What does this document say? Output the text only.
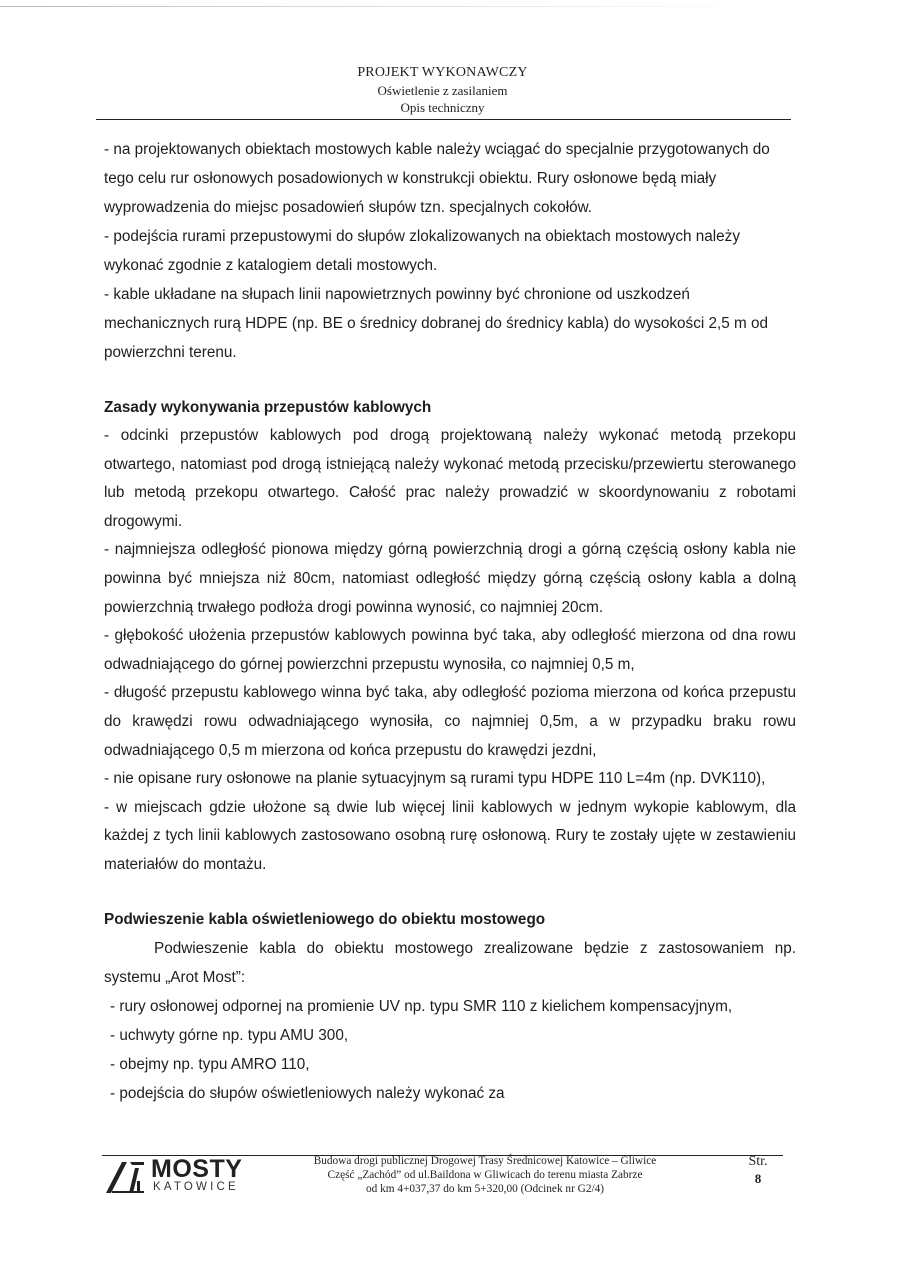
PROJEKT WYKONAWCZY
Oświetlenie z zasilaniem
Opis techniczny

- na projektowanych obiektach mostowych kable należy wciągać do specjalnie przygotowanych do tego celu rur osłonowych posadowionych w konstrukcji obiektu. Rury osłonowe będą miały wyprowadzenia do miejsc posadowień słupów tzn. specjalnych cokołów.

- podejścia rurami przepustowymi do słupów zlokalizowanych na obiektach mostowych należy wykonać zgodnie z katalogiem detali mostowych.

- kable układane na słupach linii napowietrznych powinny być chronione od uszkodzeń mechanicznych rurą HDPE (np. BE o średnicy dobranej do średnicy kabla) do wysokości 2,5 m od powierzchni terenu.

Zasady wykonywania przepustów kablowych

- odcinki przepustów kablowych pod drogą projektowaną należy wykonać metodą przekopu otwartego, natomiast pod drogą istniejącą należy wykonać metodą przecisku/przewiertu sterowanego lub metodą przekopu otwartego. Całość prac należy prowadzić w skoordynowaniu z robotami drogowymi.

- najmniejsza odległość pionowa między górną powierzchnią drogi a górną częścią osłony kabla nie powinna być mniejsza niż 80cm, natomiast odległość między górną częścią osłony kabla a dolną powierzchnią trwałego podłoża drogi powinna wynosić, co najmniej 20cm.

- głębokość ułożenia przepustów kablowych powinna być taka, aby odległość mierzona od dna rowu odwadniającego do górnej powierzchni przepustu wynosiła, co najmniej 0,5 m,

- długość przepustu kablowego winna być taka, aby odległość pozioma mierzona od końca przepustu do krawędzi rowu odwadniającego wynosiła, co najmniej 0,5m, a w przypadku braku rowu odwadniającego 0,5 m mierzona od końca przepustu do krawędzi jezdni,

- nie opisane rury osłonowe na planie sytuacyjnym są rurami typu HDPE 110 L=4m (np. DVK110),

- w miejscach gdzie ułożone są dwie lub więcej linii kablowych w jednym wykopie kablowym, dla każdej z tych linii kablowych zastosowano osobną rurę osłonową. Rury te zostały ujęte w zestawieniu materiałów do montażu.

Podwieszenie kabla oświetleniowego do obiektu mostowego

Podwieszenie kabla do obiektu mostowego zrealizowane będzie z zastosowaniem np. systemu „Arot Most”:

- rury osłonowej odpornej na promienie UV np. typu SMR 110 z kielichem kompensacyjnym,

- uchwyty górne np. typu AMU 300,

- obejmy np. typu AMRO 110,

- podejścia do słupów oświetleniowych należy wykonać za

MOSTY
KATOWICE
Budowa drogi publicznej Drogowej Trasy Średnicowej Katowice – Gliwice
Część „Zachód” od ul.Baildona w Gliwicach do terenu miasta Zabrze
od km 4+037,37 do km 5+320,00 (Odcinek nr G2/4)
Str.
8
